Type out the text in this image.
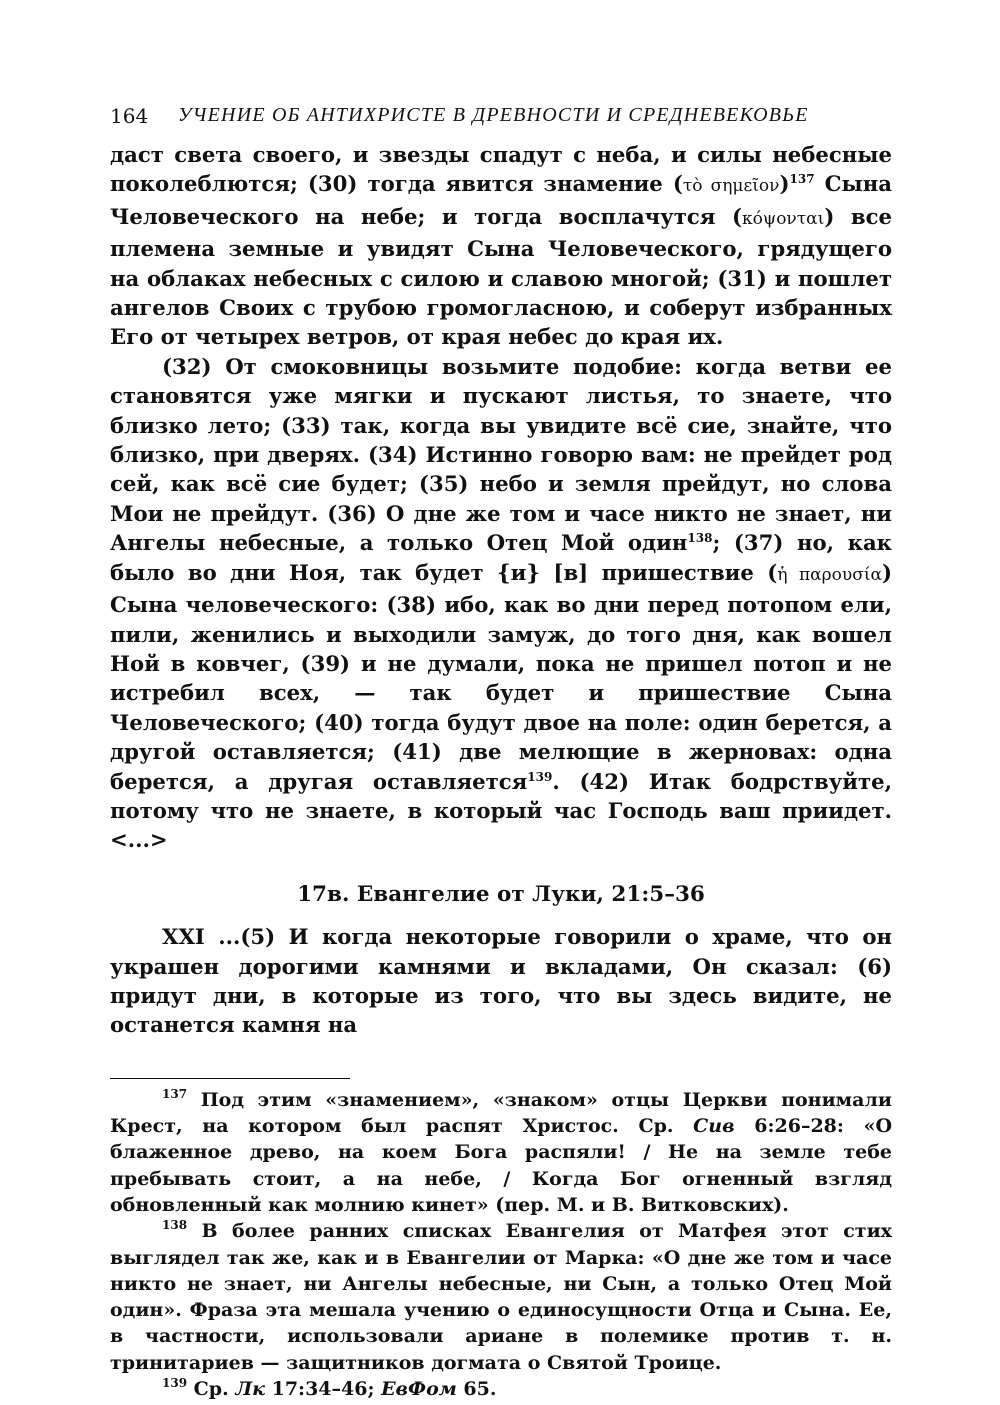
164 УЧЕНИЕ ОБ АНТИХРИСТЕ В ДРЕВНОСТИ И СРЕДНЕВЕКОВЬЕ

даст света своего, и звезды спадут с неба, и силы небесные поколеблются; (30) тогда явится знамение (τὸ σημεῖον)$^{137}$ Сына Человеческого на небе; и тогда восплачутся (κόψονται) все племена земные и увидят Сына Человеческого, грядущего на облаках небесных с силою и славою многой; (31) и пошлет ангелов Своих с трубою громогласною, и соберут избранных Его от четырех ветров, от края небес до края их.

(32) От смоковницы возьмите подобие: когда ветви ее становятся уже мягки и пускают листья, то знаете, что близко лето; (33) так, когда вы увидите всё сие, знайте, что близко, при дверях. (34) Истинно говорю вам: не прейдет род сей, как всё сие будет; (35) небо и земля прейдут, но слова Мои не прейдут. (36) О дне же том и часе никто не знает, ни Ангелы небесные, а только Отец Мой один$^{138}$; (37) но, как было во дни Ноя, так будет {и} [в] пришествие (ἡ παρουσία) Сына человеческого: (38) ибо, как во дни перед потопом ели, пили, женились и выходили замуж, до того дня, как вошел Ной в ковчег, (39) и не думали, пока не пришел потоп и не истребил всех, — так будет и пришествие Сына Человеческого; (40) тогда будут двое на поле: один берется, а другой оставляется; (41) две мелющие в жерновах: одна берется, а другая оставляется$^{139}$. (42) Итак бодрствуйте, потому что не знаете, в который час Господь ваш приидет. <...>

17в. Евангелие от Луки, 21:5–36

XXI ...(5) И когда некоторые говорили о храме, что он украшен дорогими камнями и вкладами, Он сказал: (6) придут дни, в которые из того, что вы здесь видите, не останется камня на

$^{137}$ Под этим «знамением», «знаком» отцы Церкви понимали Крест, на котором был распят Христос. Ср. Сив 6:26–28: «О блаженное древо, на коем Бога распяли! / Не на земле тебе пребывать стоит, а на небе, / Когда Бог огненный взгляд обновленный как молнию кинет» (пер. М. и В. Витковских).

$^{138}$ В более ранних списках Евангелия от Матфея этот стих выглядел так же, как и в Евангелии от Марка: «О дне же том и часе никто не знает, ни Ангелы небесные, ни Сын, а только Отец Мой один». Фраза эта мешала учению о единосущности Отца и Сына. Ее, в частности, использовали ариане в полемике против т. н. тринитариев — защитников догмата о Святой Троице.

$^{139}$ Ср. Лк 17:34–46; ЕвФом 65.
